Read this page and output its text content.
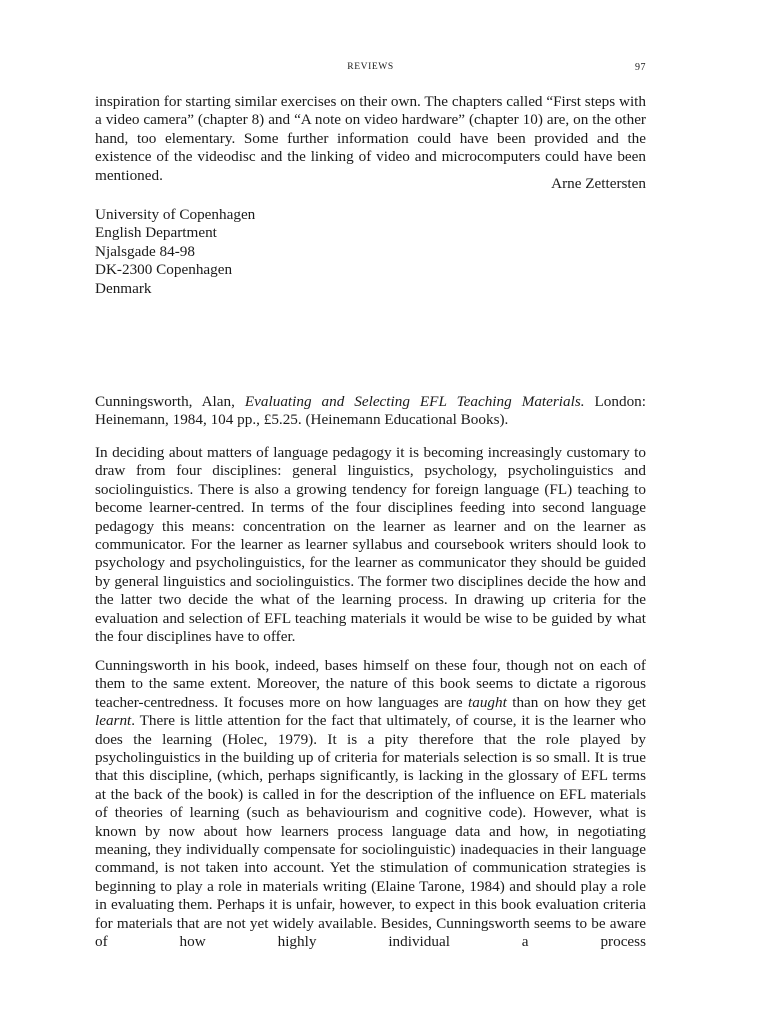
REVIEWS	97

inspiration for starting similar exercises on their own. The chapters called “First steps with a video camera” (chapter 8) and “A note on video hardware” (chapter 10) are, on the other hand, too elementary. Some further information could have been provided and the existence of the videodisc and the linking of video and microcomputers could have been mentioned.	Arne Zettersten
University of Copenhagen
English Department
Njalsgade 84-98
DK-2300 Copenhagen
Denmark

Cunningsworth, Alan, Evaluating and Selecting EFL Teaching Materials. London: Heinemann, 1984, 104 pp., £5.25. (Heinemann Educational Books).

In deciding about matters of language pedagogy it is becoming increasingly customary to draw from four disciplines: general linguistics, psychology, psycholinguistics and sociolinguistics. There is also a growing tendency for foreign language (FL) teaching to become learner-centred. In terms of the four disciplines feeding into second language pedagogy this means: concentration on the learner as learner and on the learner as communicator. For the learner as learner syllabus and coursebook writers should look to psychology and psycholinguistics, for the learner as communicator they should be guided by general linguistics and sociolinguistics. The former two disciplines decide the how and the latter two decide the what of the learning process. In drawing up criteria for the evaluation and selection of EFL teaching materials it would be wise to be guided by what the four disciplines have to offer.

Cunningsworth in his book, indeed, bases himself on these four, though not on each of them to the same extent. Moreover, the nature of this book seems to dictate a rigorous teacher-centredness. It focuses more on how languages are taught than on how they get learnt. There is little attention for the fact that ultimately, of course, it is the learner who does the learning (Holec, 1979). It is a pity therefore that the role played by psycholinguistics in the building up of criteria for materials selection is so small. It is true that this discipline, (which, perhaps significantly, is lacking in the glossary of EFL terms at the back of the book) is called in for the description of the influence on EFL materials of theories of learning (such as behaviourism and cognitive code). However, what is known by now about how learners process language data and how, in negotiating meaning, they individually compensate for sociolinguistic) inadequacies in their language command, is not taken into account. Yet the stimulation of communication strategies is beginning to play a role in materials writing (Elaine Tarone, 1984) and should play a role in evaluating them. Perhaps it is unfair, however, to expect in this book evaluation criteria for materials that are not yet widely available. Besides, Cunningsworth seems to be aware of how highly individual a process
